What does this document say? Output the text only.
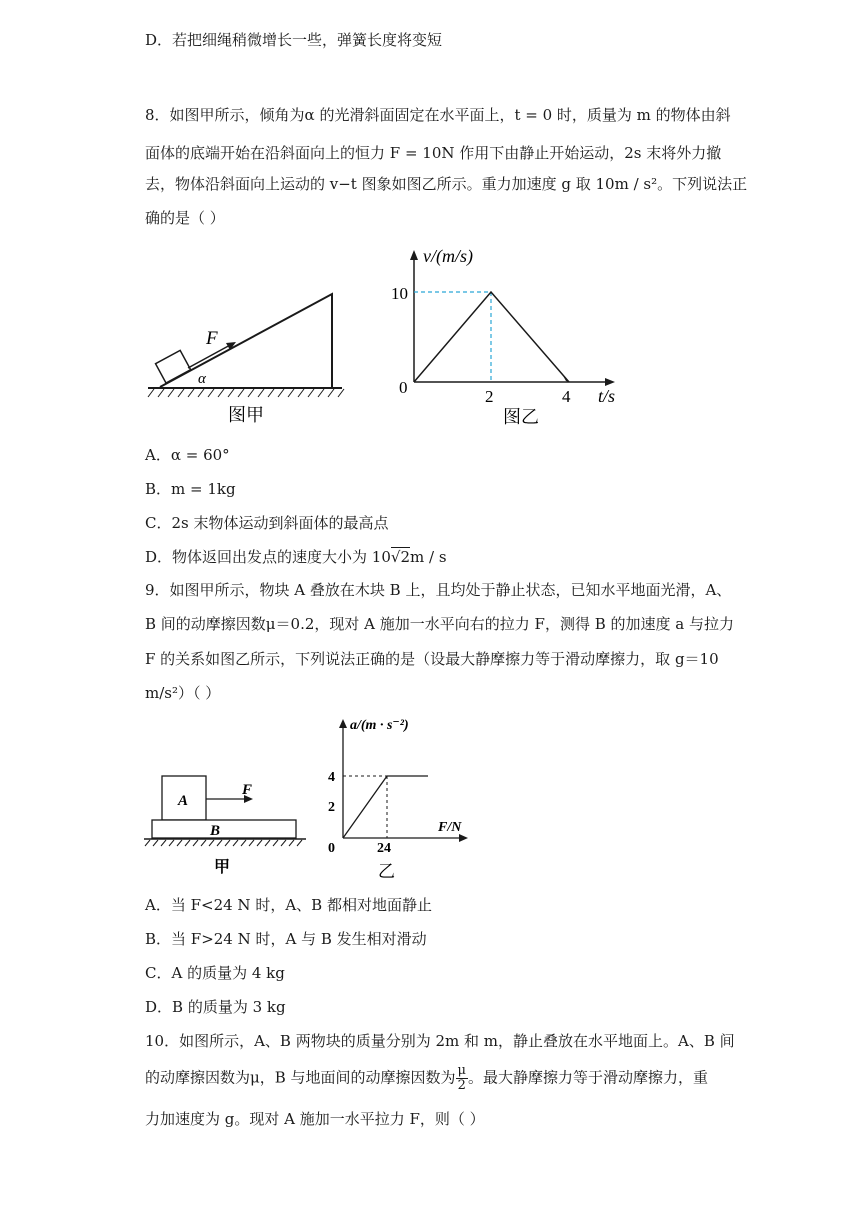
D．若把细绳稍微增长一些，弹簧长度将变短
8．如图甲所示，倾角为α 的光滑斜面固定在水平面上，t = 0 时，质量为 m 的物体由斜
面体的底端开始在沿斜面向上的恒力 F = 10N 作用下由静止开始运动，2s 末将外力撤
去，物体沿斜面向上运动的 v−t 图象如图乙所示。重力加速度 g 取 10m / s²。下列说法正
确的是（ ）
F
α
图甲
v/(m/s)
10
0	2	4 t/s
图乙
A．α = 60°
B．m = 1kg
C．2s 末物体运动到斜面体的最高点
D．物体返回出发点的速度大小为 10√2m / s
9．如图甲所示，物块 A 叠放在木块 B 上，且均处于静止状态，已知水平地面光滑，A、
B 间的动摩擦因数μ＝0.2，现对 A 施加一水平向右的拉力 F，测得 B 的加速度 a 与拉力
F 的关系如图乙所示，下列说法正确的是（设最大静摩擦力等于滑动摩擦力，取 g＝10
m/s²）（ ）
A
B
F
甲
a/(m · s⁻²)
4
2
0	24
F/N
乙
A．当 F<24 N 时，A、B 都相对地面静止
B．当 F>24 N 时，A 与 B 发生相对滑动
C．A 的质量为 4 kg
D．B 的质量为 3 kg
10．如图所示，A、B 两物块的质量分别为 2m 和 m，静止叠放在水平地面上。A、B 间
的动摩擦因数为μ，B 与地面间的动摩擦因数为 $\frac{\mu}{2}$ 。最大静摩擦力等于滑动摩擦力，重
力加速度为 g。现对 A 施加一水平拉力 F，则（ ）
